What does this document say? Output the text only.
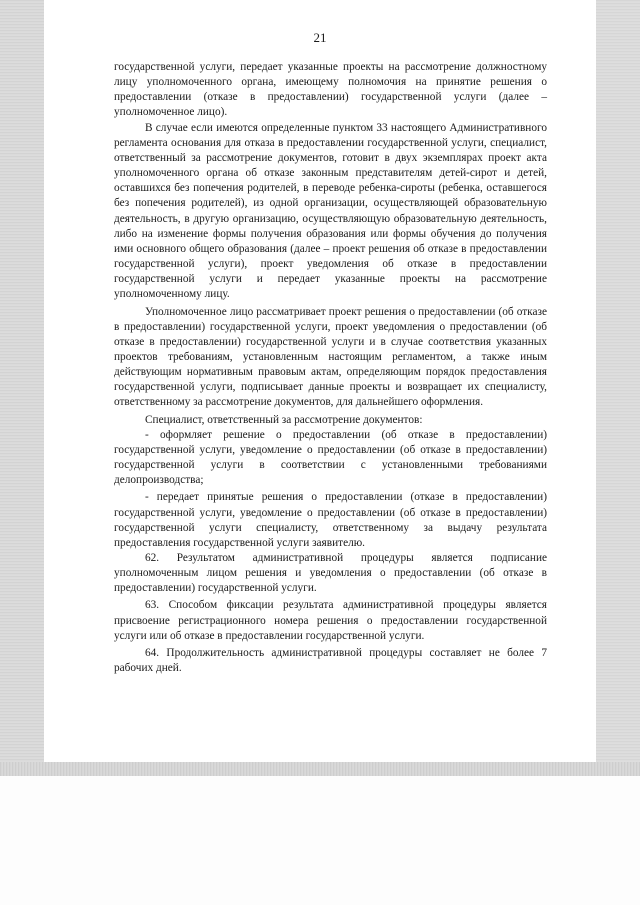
21

государственной услуги, передает указанные проекты на рассмотрение должностному лицу уполномоченного органа, имеющему полномочия на принятие решения о предоставлении (отказе в предоставлении) государственной услуги (далее – уполномоченное лицо).

В случае если имеются определенные пунктом 33 настоящего Административного регламента основания для отказа в предоставлении государственной услуги, специалист, ответственный за рассмотрение документов, готовит в двух экземплярах проект акта уполномоченного органа об отказе законным представителям детей-сирот и детей, оставшихся без попечения родителей, в переводе ребенка-сироты (ребенка, оставшегося без попечения родителей), из одной организации, осуществляющей образовательную деятельность, в другую организацию, осуществляющую образовательную деятельность, либо на изменение формы получения образования или формы обучения до получения ими основного общего образования (далее – проект решения об отказе в предоставлении государственной услуги), проект уведомления об отказе в предоставлении государственной услуги и передает указанные проекты на рассмотрение уполномоченному лицу.

Уполномоченное лицо рассматривает проект решения о предоставлении (об отказе в предоставлении) государственной услуги, проект уведомления о предоставлении (об отказе в предоставлении) государственной услуги и в случае соответствия указанных проектов требованиям, установленным настоящим регламентом, а также иным действующим нормативным правовым актам, определяющим порядок предоставления государственной услуги, подписывает данные проекты и возвращает их специалисту, ответственному за рассмотрение документов, для дальнейшего оформления.

Специалист, ответственный за рассмотрение документов:

- оформляет решение о предоставлении (об отказе в предоставлении) государственной услуги, уведомление о предоставлении (об отказе в предоставлении) государственной услуги в соответствии с установленными требованиями делопроизводства;

- передает принятые решения о предоставлении (отказе в предоставлении) государственной услуги, уведомление о предоставлении (об отказе в предоставлении) государственной услуги специалисту, ответственному за выдачу результата предоставления государственной услуги заявителю.

62. Результатом административной процедуры является подписание уполномоченным лицом решения и уведомления о предоставлении (об отказе в предоставлении) государственной услуги.

63. Способом фиксации результата административной процедуры является присвоение регистрационного номера решения о предоставлении государственной услуги или об отказе в предоставлении государственной услуги.

64. Продолжительность административной процедуры составляет не более 7 рабочих дней.
